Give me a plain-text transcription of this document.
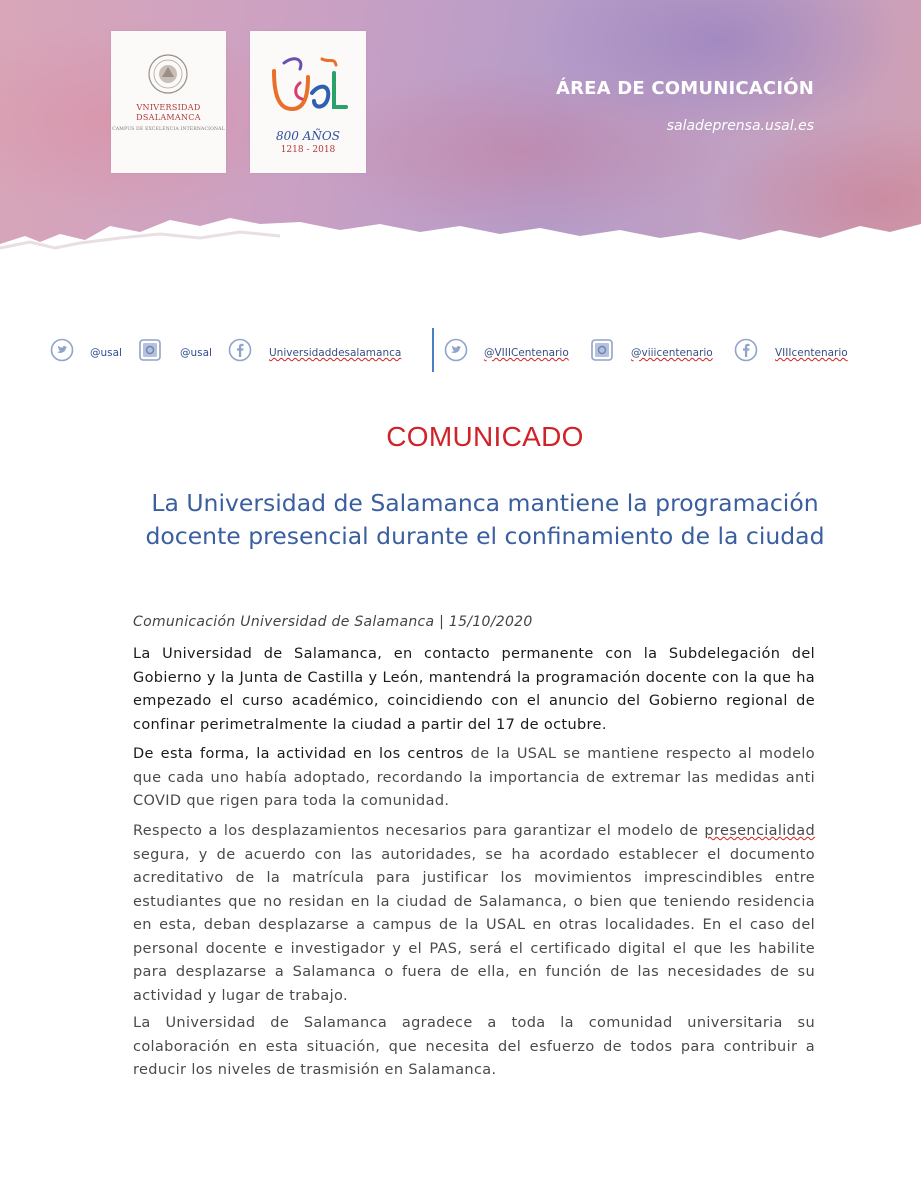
VNIVERSIDAD
DSALAMANCA
CAMPUS DE EXCELENCIA INTERNACIONAL	800 AÑOS
1218 - 2018
ÁREA DE COMUNICACIÓN
saladeprensa.usal.es
@usal	@usal	Universidaddesalamanca	@VIIICentenario	@viiicentenario	VIIIcentenario
COMUNICADO
La Universidad de Salamanca mantiene la programación docente presencial durante el confinamiento de la ciudad
Comunicación Universidad de Salamanca | 15/10/2020
La Universidad de Salamanca, en contacto permanente con la Subdelegación del Gobierno y la Junta de Castilla y León, mantendrá la programación docente con la que ha empezado el curso académico, coincidiendo con el anuncio del Gobierno regional de confinar perimetralmente la ciudad a partir del 17 de octubre.
De esta forma, la actividad en los centros de la USAL se mantiene respecto al modelo que cada uno había adoptado, recordando la importancia de extremar las medidas anti COVID que rigen para toda la comunidad.
Respecto a los desplazamientos necesarios para garantizar el modelo de presencialidad segura, y de acuerdo con las autoridades, se ha acordado establecer el documento acreditativo de la matrícula para justificar los movimientos imprescindibles entre estudiantes que no residan en la ciudad de Salamanca, o bien que teniendo residencia en esta, deban desplazarse a campus de la USAL en otras localidades. En el caso del personal docente e investigador y el PAS, será el certificado digital el que les habilite para desplazarse a Salamanca o fuera de ella, en función de las necesidades de su actividad y lugar de trabajo.
La Universidad de Salamanca agradece a toda la comunidad universitaria su colaboración en esta situación, que necesita del esfuerzo de todos para contribuir a reducir los niveles de trasmisión en Salamanca.
